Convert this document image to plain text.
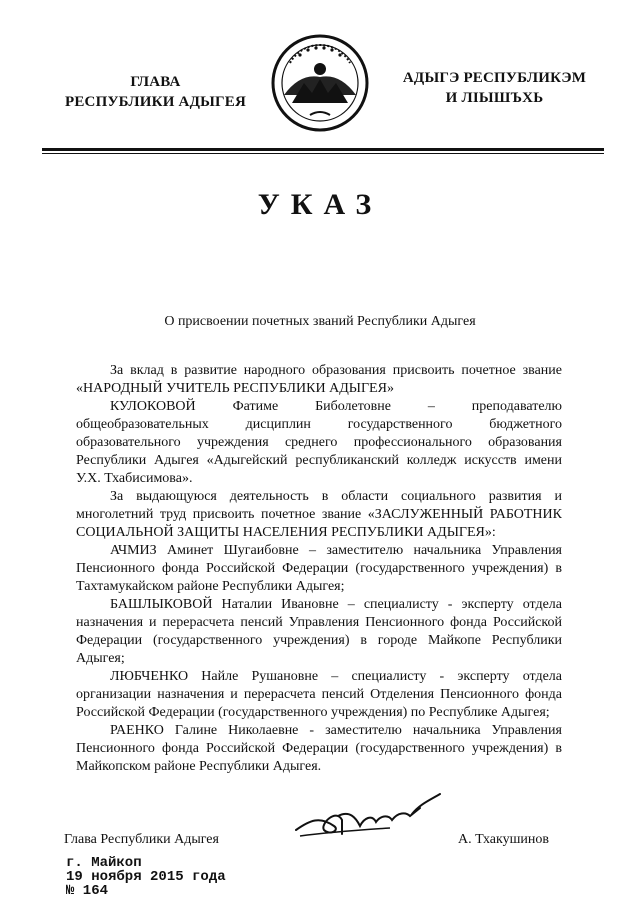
ГЛАВА
РЕСПУБЛИКИ АДЫГЕЯ
АДЫГЭ РЕСПУБЛИКЭМ
И ЛІЫШЪХЬ
УКАЗ
О присвоении почетных званий Республики Адыгея

За вклад в развитие народного образования присвоить почетное звание «НАРОДНЫЙ УЧИТЕЛЬ РЕСПУБЛИКИ АДЫГЕЯ»

КУЛОКОВОЙ Фатиме Биболетовне – преподавателю общеобразовательных дисциплин государственного бюджетного образовательного учреждения среднего профессионального образования Республики Адыгея «Адыгейский республиканский колледж искусств имени У.Х. Тхабисимова».

За выдающуюся деятельность в области социального развития и многолетний труд присвоить почетное звание «ЗАСЛУЖЕННЫЙ РАБОТНИК СОЦИАЛЬНОЙ ЗАЩИТЫ НАСЕЛЕНИЯ РЕСПУБЛИКИ АДЫГЕЯ»:

АЧМИЗ Аминет Шугаибовне – заместителю начальника Управления Пенсионного фонда Российской Федерации (государственного учреждения) в Тахтамукайском районе Республики Адыгея;

БАШЛЫКОВОЙ Наталии Ивановне – специалисту - эксперту отдела назначения и перерасчета пенсий Управления Пенсионного фонда Российской Федерации (государственного учреждения) в городе Майкопе Республики Адыгея;

ЛЮБЧЕНКО Найле Рушановне – специалисту - эксперту отдела организации назначения и перерасчета пенсий Отделения Пенсионного фонда Российской Федерации (государственного учреждения) по Республике Адыгея;

РАЕНКО Галине Николаевне - заместителю начальника Управления Пенсионного фонда Российской Федерации (государственного учреждения) в Майкопском районе Республики Адыгея.

Глава Республики Адыгея	А. Тхакушинов
г. Майкоп
19 ноября 2015 года
№ 164
